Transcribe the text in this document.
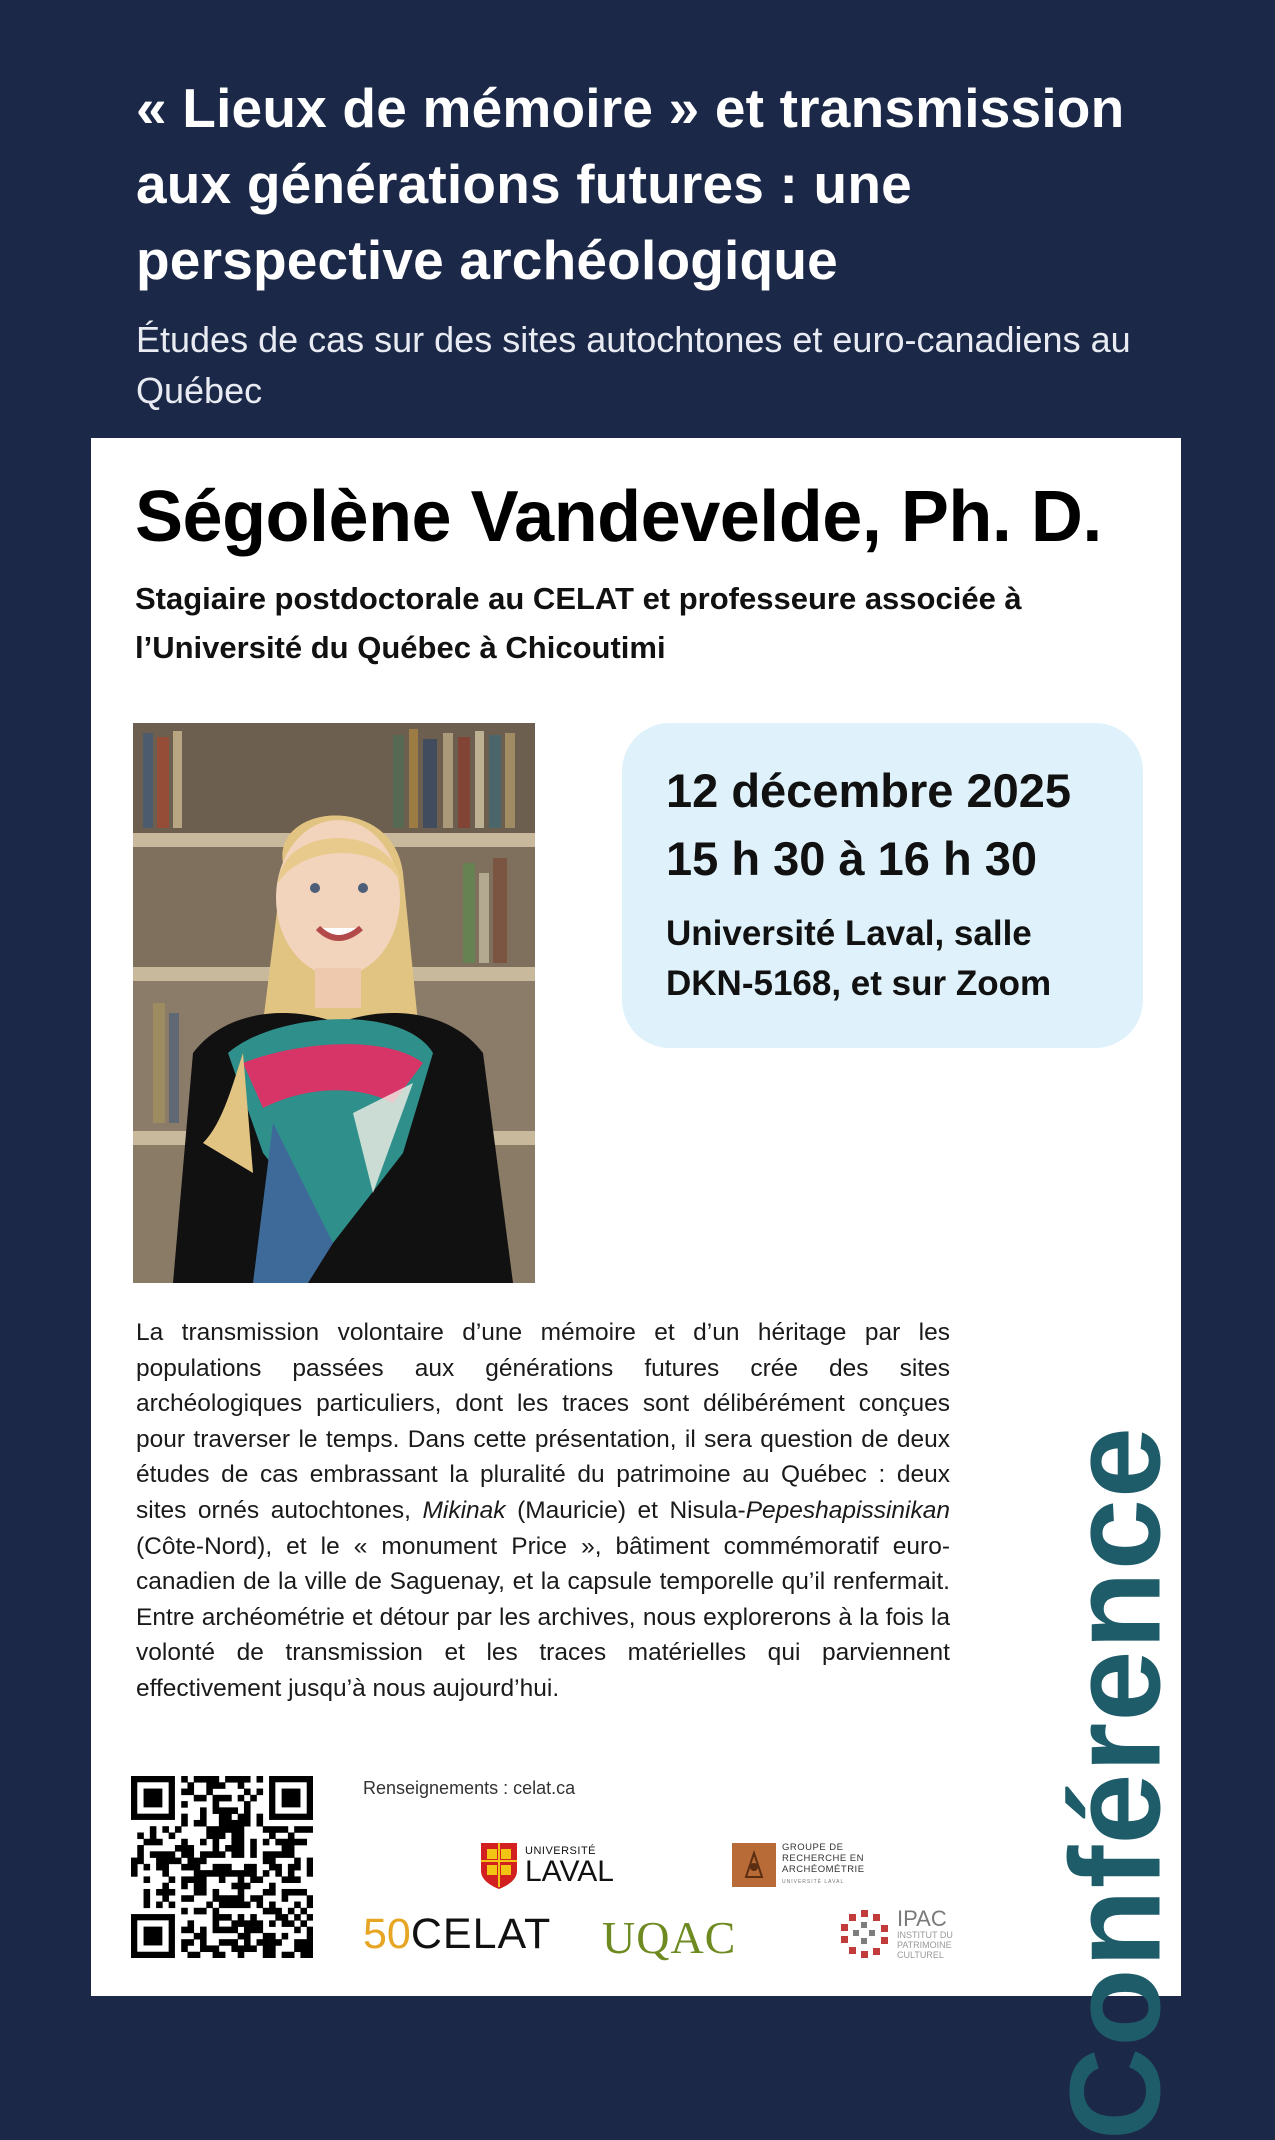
« Lieux de mémoire » et transmission aux générations futures : une perspective archéologique

Études de cas sur des sites autochtones et euro-canadiens au Québec

Ségolène Vandevelde, Ph. D.

Stagiaire postdoctorale au CELAT et professeure associée à l’Université du Québec à Chicoutimi

12 décembre 2025
15 h 30 à 16 h 30
Université Laval, salle DKN-5168, et sur Zoom
Conférence

La transmission volontaire d’une mémoire et d’un héritage par les populations passées aux générations futures crée des sites archéologiques particuliers, dont les traces sont délibérément conçues pour traverser le temps. Dans cette présentation, il sera question de deux études de cas embrassant la pluralité du patrimoine au Québec : deux sites ornés autochtones, Mikinak (Mauricie) et Nisula-Pepeshapissinikan (Côte-Nord), et le « monument Price », bâtiment commémoratif euro-canadien de la ville de Saguenay, et la capsule temporelle qu’il renfermait. Entre archéométrie et détour par les archives, nous explorerons à la fois la volonté de transmission et les traces matérielles qui parviennent effectivement jusqu’à nous aujourd’hui.

Renseignements : celat.ca
UNIVERSITÉ
LAVAL
GROUPE DE
RECHERCHE EN
ARCHÉOMÉTRIE
UNIVERSITÉ LAVAL
50 CELAT UQAC	IPAC
INSTITUT DU
PATRIMOINE
CULTUREL
